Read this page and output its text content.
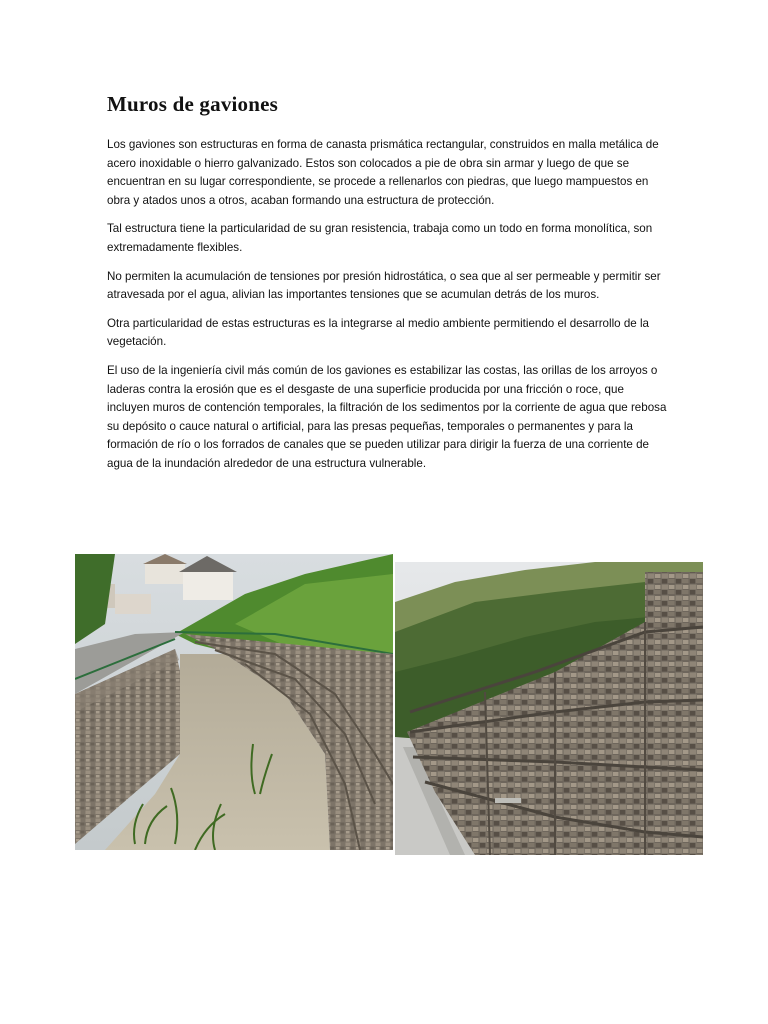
Muros de gaviones

Los gaviones son estructuras en forma de canasta prismática rectangular, construidos en malla metálica de acero inoxidable o hierro galvanizado. Estos son colocados a pie de obra sin armar y luego de que se encuentran en su lugar correspondiente, se procede a rellenarlos con piedras, que luego mampuestos en obra y atados unos a otros, acaban formando una estructura de protección.

Tal estructura tiene la particularidad de su gran resistencia, trabaja como un todo en forma monolítica, son extremadamente flexibles.

No permiten la acumulación de tensiones por presión hidrostática, o sea que al ser permeable y permitir ser atravesada por el agua, alivian las importantes tensiones que se acumulan detrás de los muros.

Otra particularidad de estas estructuras es la integrarse al medio ambiente permitiendo el desarrollo de la vegetación.

El uso de la ingeniería civil más común de los gaviones es estabilizar las costas, las orillas de los arroyos o laderas contra la erosión que es el desgaste de una superficie producida por una fricción o roce, que incluyen muros de contención temporales, la filtración de los sedimentos por la corriente de agua que rebosa su depósito o cauce natural o artificial, para las presas pequeñas, temporales o permanentes y para la formación de río o los forrados de canales que se pueden utilizar para dirigir la fuerza de una corriente de agua de la inundación alrededor de una estructura vulnerable.
